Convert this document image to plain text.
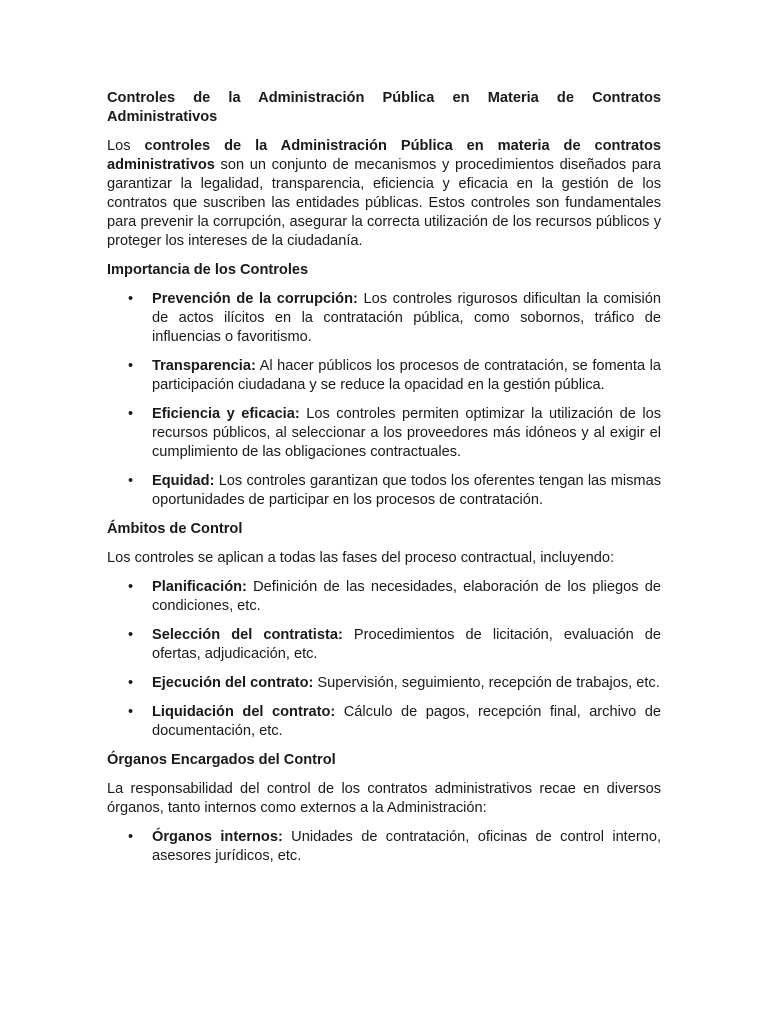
Controles de la Administración Pública en Materia de Contratos Administrativos

Los controles de la Administración Pública en materia de contratos administrativos son un conjunto de mecanismos y procedimientos diseñados para garantizar la legalidad, transparencia, eficiencia y eficacia en la gestión de los contratos que suscriben las entidades públicas. Estos controles son fundamentales para prevenir la corrupción, asegurar la correcta utilización de los recursos públicos y proteger los intereses de la ciudadanía.

Importancia de los Controles

• Prevención de la corrupción: Los controles rigurosos dificultan la comisión de actos ilícitos en la contratación pública, como sobornos, tráfico de influencias o favoritismo.
• Transparencia: Al hacer públicos los procesos de contratación, se fomenta la participación ciudadana y se reduce la opacidad en la gestión pública.
• Eficiencia y eficacia: Los controles permiten optimizar la utilización de los recursos públicos, al seleccionar a los proveedores más idóneos y al exigir el cumplimiento de las obligaciones contractuales.
• Equidad: Los controles garantizan que todos los oferentes tengan las mismas oportunidades de participar en los procesos de contratación.

Ámbitos de Control

Los controles se aplican a todas las fases del proceso contractual, incluyendo:

• Planificación: Definición de las necesidades, elaboración de los pliegos de condiciones, etc.
• Selección del contratista: Procedimientos de licitación, evaluación de ofertas, adjudicación, etc.
• Ejecución del contrato: Supervisión, seguimiento, recepción de trabajos, etc.
• Liquidación del contrato: Cálculo de pagos, recepción final, archivo de documentación, etc.

Órganos Encargados del Control

La responsabilidad del control de los contratos administrativos recae en diversos órganos, tanto internos como externos a la Administración:

• Órganos internos: Unidades de contratación, oficinas de control interno, asesores jurídicos, etc.
